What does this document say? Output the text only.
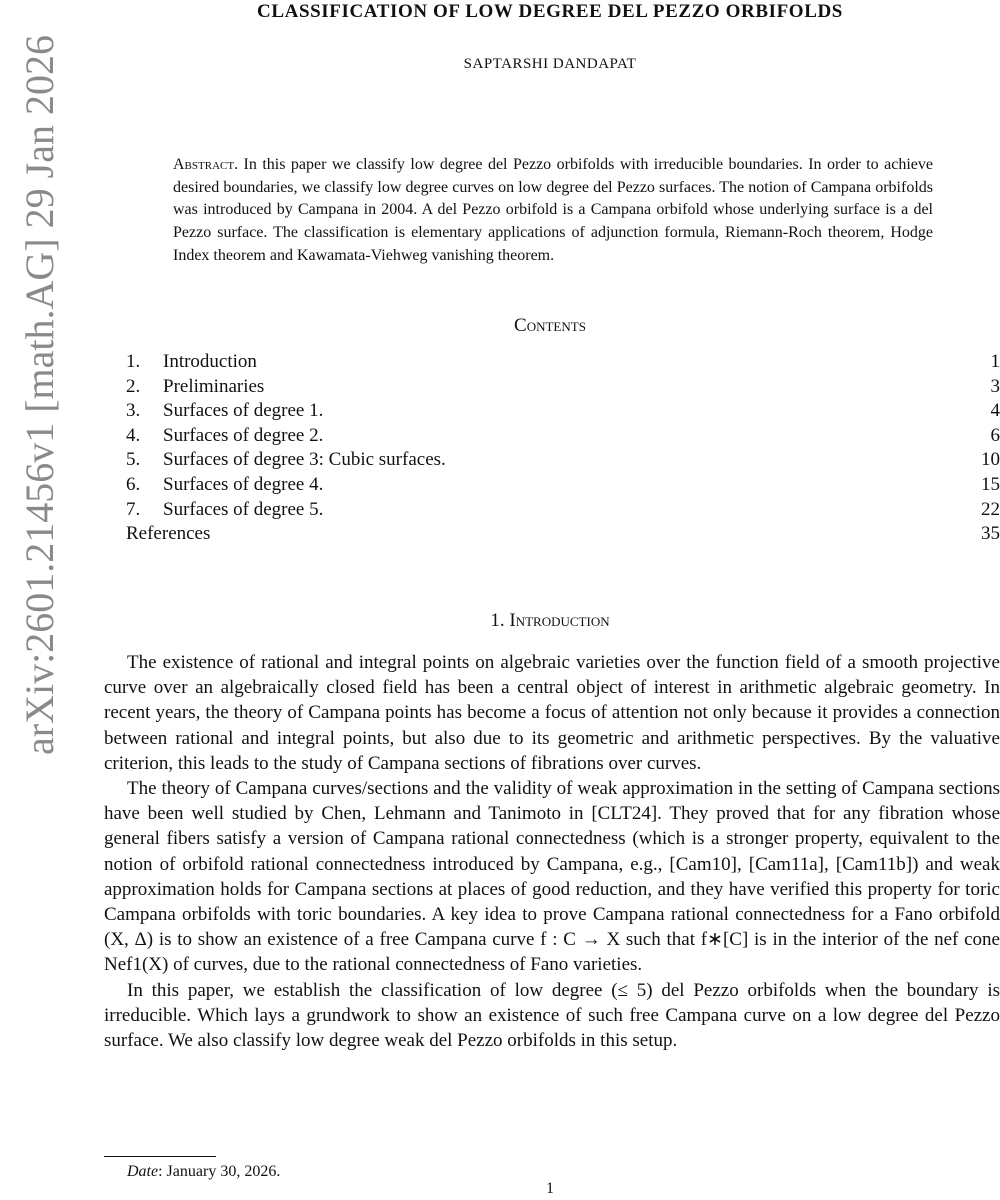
arXiv:2601.21456v1 [math.AG] 29 Jan 2026
CLASSIFICATION OF LOW DEGREE DEL PEZZO ORBIFOLDS
SAPTARSHI DANDAPAT
Abstract. In this paper we classify low degree del Pezzo orbifolds with irreducible boundaries. In order to achieve desired boundaries, we classify low degree curves on low degree del Pezzo surfaces. The notion of Campana orbifolds was introduced by Campana in 2004. A del Pezzo orbifold is a Campana orbifold whose underlying surface is a del Pezzo surface. The classification is elementary applications of adjunction formula, Riemann-Roch theorem, Hodge Index theorem and Kawamata-Viehweg vanishing theorem.
Contents
1. Introduction	1
2. Preliminaries	3
3. Surfaces of degree 1.	4
4. Surfaces of degree 2.	6
5. Surfaces of degree 3: Cubic surfaces.	10
6. Surfaces of degree 4.	15
7. Surfaces of degree 5.	22
References	35
1. Introduction

The existence of rational and integral points on algebraic varieties over the function field of a smooth projective curve over an algebraically closed field has been a central object of interest in arithmetic algebraic geometry. In recent years, the theory of Campana points has become a focus of attention not only because it provides a connection between rational and integral points, but also due to its geometric and arithmetic perspectives. By the valuative criterion, this leads to the study of Campana sections of fibrations over curves.

The theory of Campana curves/sections and the validity of weak approximation in the setting of Campana sections have been well studied by Chen, Lehmann and Tanimoto in [CLT24]. They proved that for any fibration whose general fibers satisfy a version of Campana rational connectedness (which is a stronger property, equivalent to the notion of orbifold rational connectedness introduced by Campana, e.g., [Cam10], [Cam11a], [Cam11b]) and weak approximation holds for Campana sections at places of good reduction, and they have verified this property for toric Campana orbifolds with toric boundaries. A key idea to prove Campana rational connectedness for a Fano orbifold (X, Δ) is to show an existence of a free Campana curve f : C → X such that f∗[C] is in the interior of the nef cone Nef1(X) of curves, due to the rational connectedness of Fano varieties.

In this paper, we establish the classification of low degree (≤ 5) del Pezzo orbifolds when the boundary is irreducible. Which lays a grundwork to show an existence of such free Campana curve on a low degree del Pezzo surface. We also classify low degree weak del Pezzo orbifolds in this setup.

Date: January 30, 2026.
1
